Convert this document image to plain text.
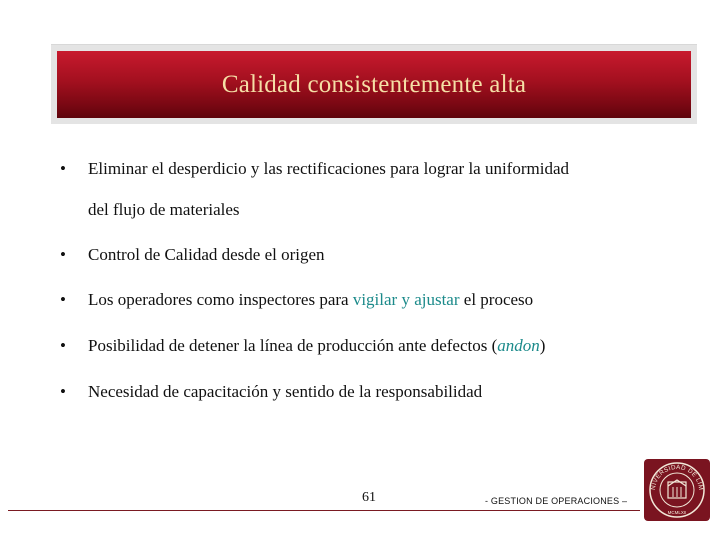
Calidad consistentemente alta
• Eliminar el desperdicio y las rectificaciones para lograr la uniformidad
del flujo de materiales
• Control de Calidad desde el origen
• Los operadores como inspectores para vigilar y ajustar el proceso
• Posibilidad de detener la línea de producción ante defectos (andon)
• Necesidad de capacitación y sentido de la responsabilidad
61	- GESTION DE OPERACIONES –
NIVERSIDAD DE LIM
MCMLXII
